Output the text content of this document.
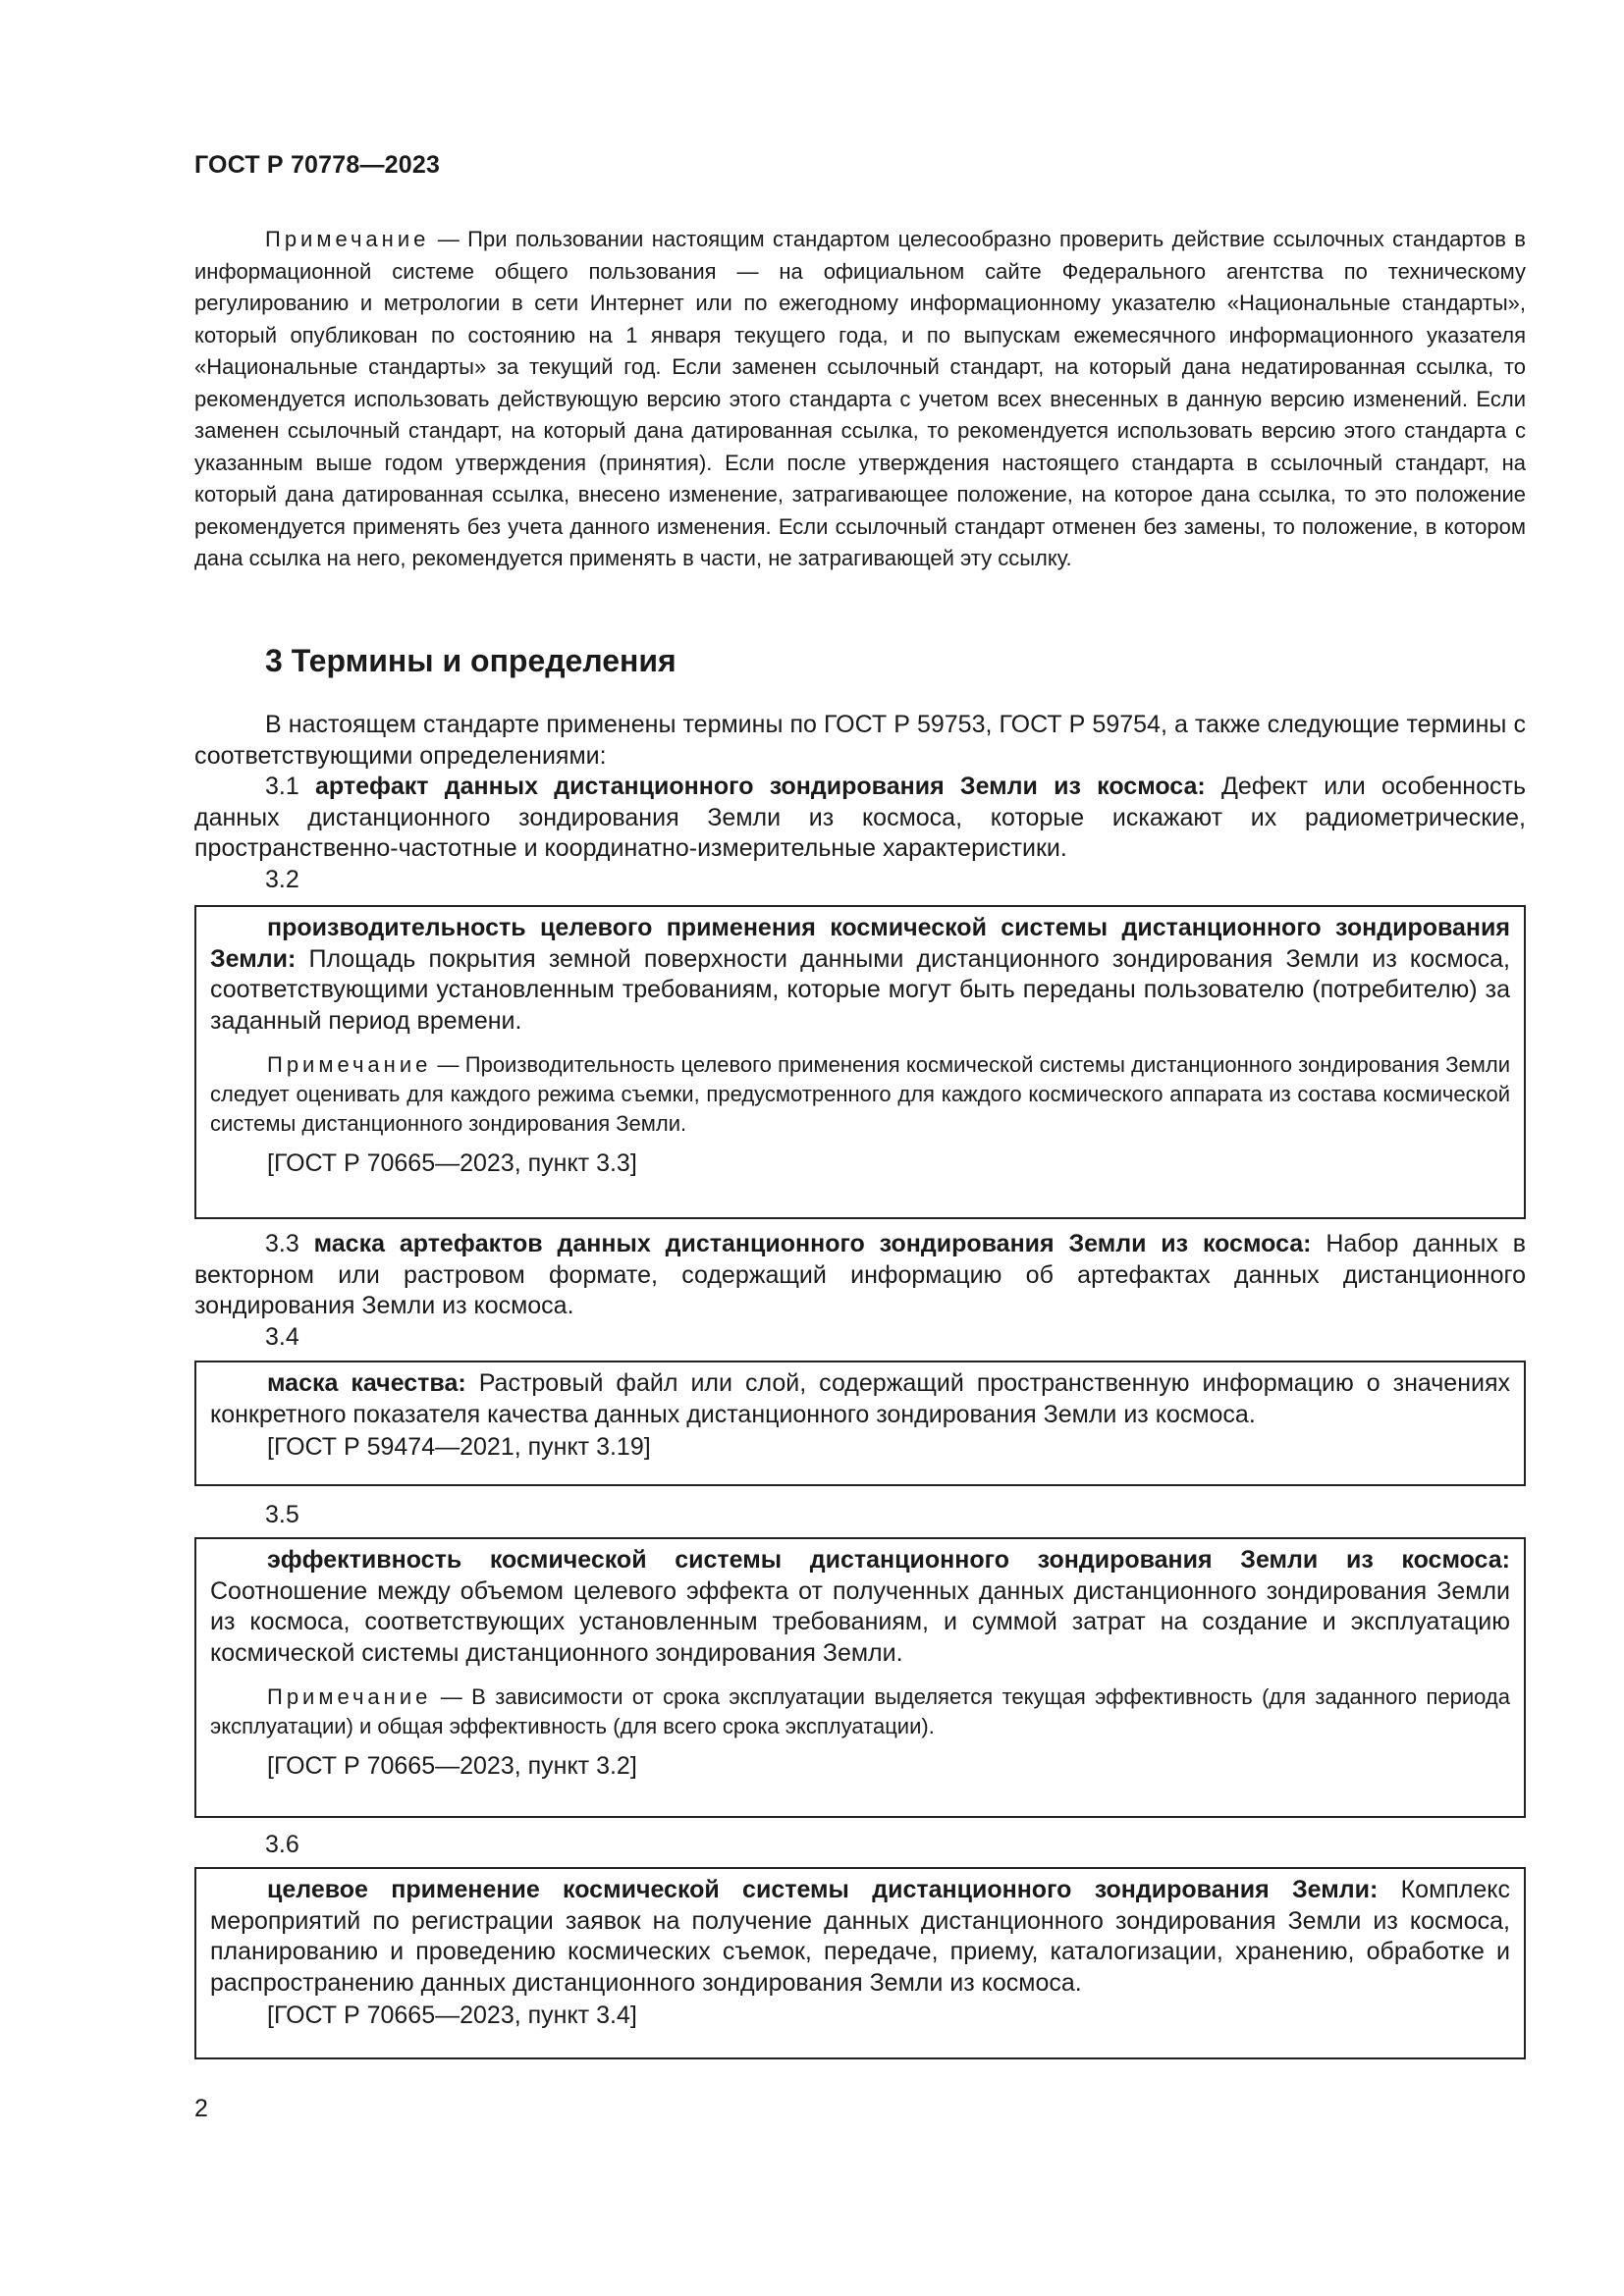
ГОСТ Р 70778—2023

Примечание — При пользовании настоящим стандартом целесообразно проверить действие ссылочных стандартов в информационной системе общего пользования — на официальном сайте Федерального агентства по техническому регулированию и метрологии в сети Интернет или по ежегодному информационному указателю «Национальные стандарты», который опубликован по состоянию на 1 января текущего года, и по выпускам ежемесячного информационного указателя «Национальные стандарты» за текущий год. Если заменен ссылочный стандарт, на который дана недатированная ссылка, то рекомендуется использовать действующую версию этого стандарта с учетом всех внесенных в данную версию изменений. Если заменен ссылочный стандарт, на который дана датированная ссылка, то рекомендуется использовать версию этого стандарта с указанным выше годом утверждения (принятия). Если после утверждения настоящего стандарта в ссылочный стандарт, на который дана датированная ссылка, внесено изменение, затрагивающее положение, на которое дана ссылка, то это положение рекомендуется применять без учета данного изменения. Если ссылочный стандарт отменен без замены, то положение, в котором дана ссылка на него, рекомендуется применять в части, не затрагивающей эту ссылку.

3 Термины и определения

В настоящем стандарте применены термины по ГОСТ Р 59753, ГОСТ Р 59754, а также следующие термины с соответствующими определениями:

3.1 артефакт данных дистанционного зондирования Земли из космоса: Дефект или особенность данных дистанционного зондирования Земли из космоса, которые искажают их радиометрические, пространственно-частотные и координатно-измерительные характеристики.

3.2

производительность целевого применения космической системы дистанционного зондирования Земли: Площадь покрытия земной поверхности данными дистанционного зондирования Земли из космоса, соответствующими установленным требованиям, которые могут быть переданы пользователю (потребителю) за заданный период времени.

Примечание — Производительность целевого применения космической системы дистанционного зондирования Земли следует оценивать для каждого режима съемки, предусмотренного для каждого космического аппарата из состава космической системы дистанционного зондирования Земли.

[ГОСТ Р 70665—2023, пункт 3.3]

3.3 маска артефактов данных дистанционного зондирования Земли из космоса: Набор данных в векторном или растровом формате, содержащий информацию об артефактах данных дистанционного зондирования Земли из космоса.

3.4

маска качества: Растровый файл или слой, содержащий пространственную информацию о значениях конкретного показателя качества данных дистанционного зондирования Земли из космоса.

[ГОСТ Р 59474—2021, пункт 3.19]

3.5

эффективность космической системы дистанционного зондирования Земли из космоса: Соотношение между объемом целевого эффекта от полученных данных дистанционного зондирования Земли из космоса, соответствующих установленным требованиям, и суммой затрат на создание и эксплуатацию космической системы дистанционного зондирования Земли.

Примечание — В зависимости от срока эксплуатации выделяется текущая эффективность (для заданного периода эксплуатации) и общая эффективность (для всего срока эксплуатации).

[ГОСТ Р 70665—2023, пункт 3.2]

3.6

целевое применение космической системы дистанционного зондирования Земли: Комплекс мероприятий по регистрации заявок на получение данных дистанционного зондирования Земли из космоса, планированию и проведению космических съемок, передаче, приему, каталогизации, хранению, обработке и распространению данных дистанционного зондирования Земли из космоса.

[ГОСТ Р 70665—2023, пункт 3.4]

2
